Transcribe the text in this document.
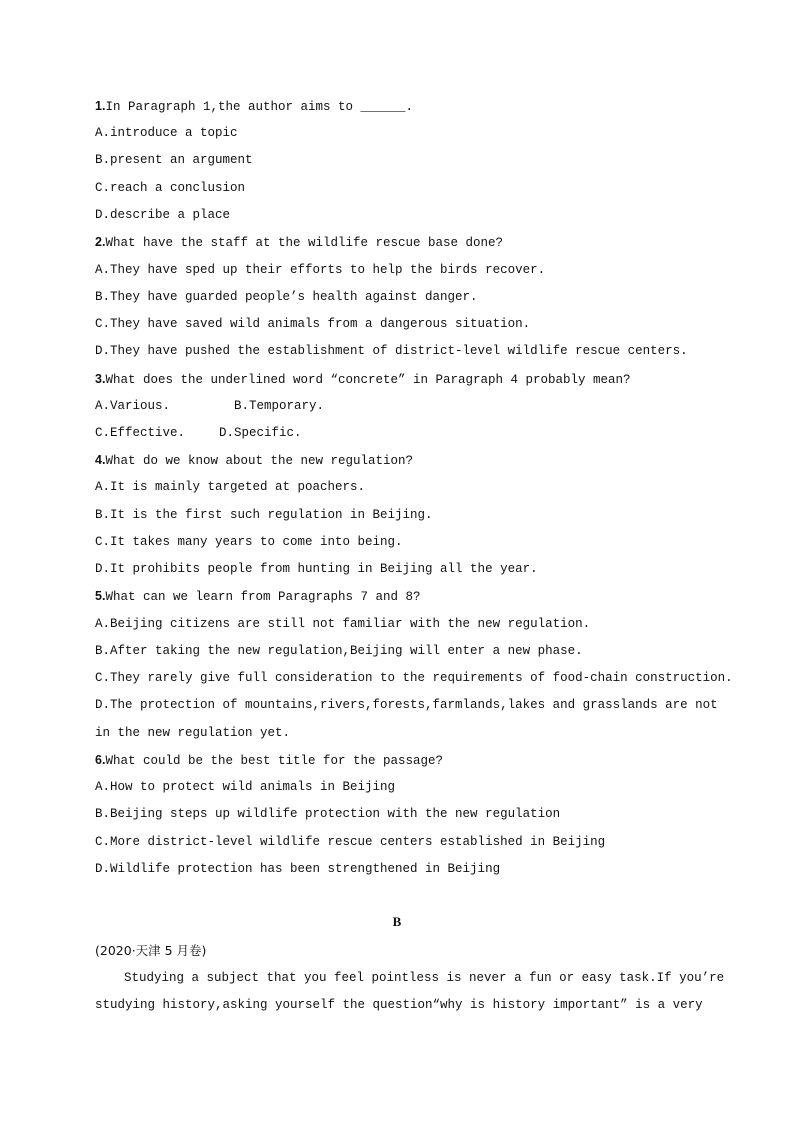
1.In Paragraph 1,the author aims to ______.
A.introduce a topic
B.present an argument
C.reach a conclusion
D.describe a place
2.What have the staff at the wildlife rescue base done?
A.They have sped up their efforts to help the birds recover.
B.They have guarded people’s health against danger.
C.They have saved wild animals from a dangerous situation.
D.They have pushed the establishment of district-level wildlife rescue centers.
3.What does the underlined word “concrete” in Paragraph 4 probably mean?
A.Various.	B.Temporary.
C.Effective.	D.Specific.
4.What do we know about the new regulation?
A.It is mainly targeted at poachers.
B.It is the first such regulation in Beijing.
C.It takes many years to come into being.
D.It prohibits people from hunting in Beijing all the year.
5.What can we learn from Paragraphs 7 and 8?
A.Beijing citizens are still not familiar with the new regulation.
B.After taking the new regulation,Beijing will enter a new phase.
C.They rarely give full consideration to the requirements of food-chain construction.
D.The protection of mountains,rivers,forests,farmlands,lakes and grasslands are not
in the new regulation yet.
6.What could be the best title for the passage?
A.How to protect wild animals in Beijing
B.Beijing steps up wildlife protection with the new regulation
C.More district-level wildlife rescue centers established in Beijing
D.Wildlife protection has been strengthened in Beijing
B
(2020·天津 5 月卷)
Studying a subject that you feel pointless is never a fun or easy task.If you’re
studying history,asking yourself the question“why is history important” is a very
